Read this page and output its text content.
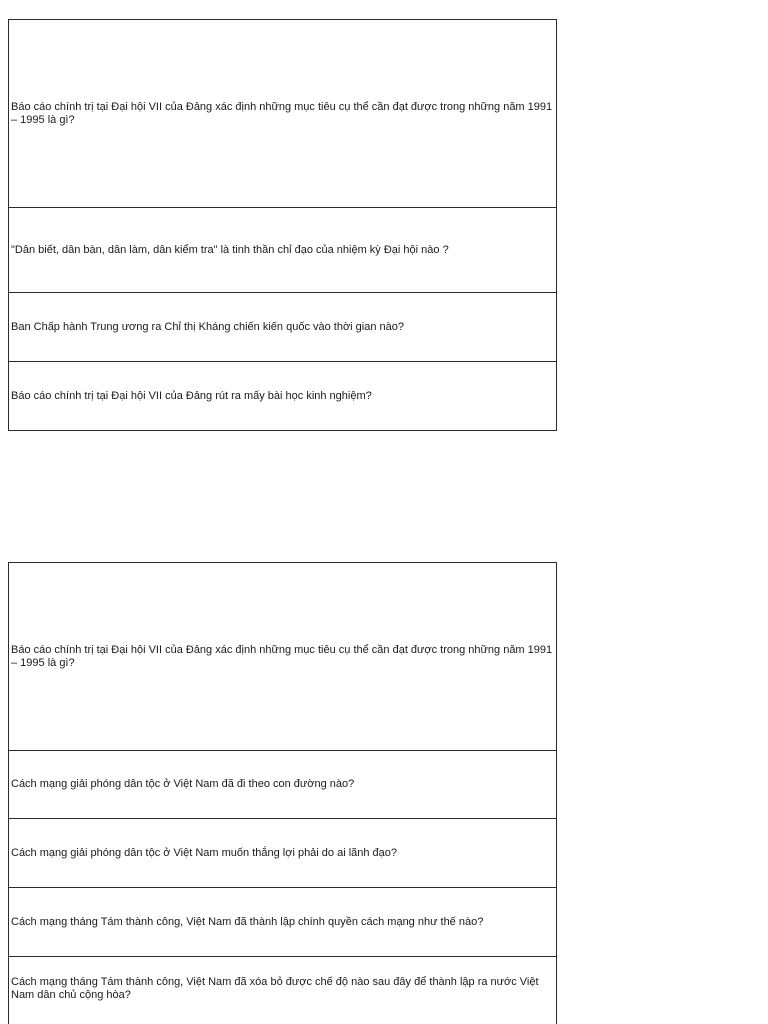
Báo cáo chính trị tại Đại hội VII của Đảng xác định những mục tiêu cụ thể cần đạt được trong những năm 1991 – 1995 là gì?
"Dân biết, dân bàn, dân làm, dân kiểm tra" là tinh thần chỉ đạo của nhiệm kỳ Đại hội nào ?
Ban Chấp hành Trung ương ra Chỉ thị Kháng chiến kiến quốc vào thời gian nào?
Báo cáo chính trị tại Đại hội VII của Đảng rút ra mấy bài học kinh nghiệm?
Báo cáo chính trị tại Đại hội VII của Đảng xác định những mục tiêu cụ thể cần đạt được trong những năm 1991 – 1995 là gì?
Cách mạng giải phóng dân tộc ở Việt Nam đã đi theo con đường nào?
Cách mạng giải phóng dân tộc ở Việt Nam muốn thắng lợi phải do ai lãnh đạo?
Cách mạng tháng Tám thành công, Việt Nam đã thành lập chính quyền cách mạng như thế nào?
Cách mạng tháng Tám thành công, Việt Nam đã xóa bỏ được chế độ nào sau đây để thành lập ra nước Việt Nam dân chủ cộng hòa?
